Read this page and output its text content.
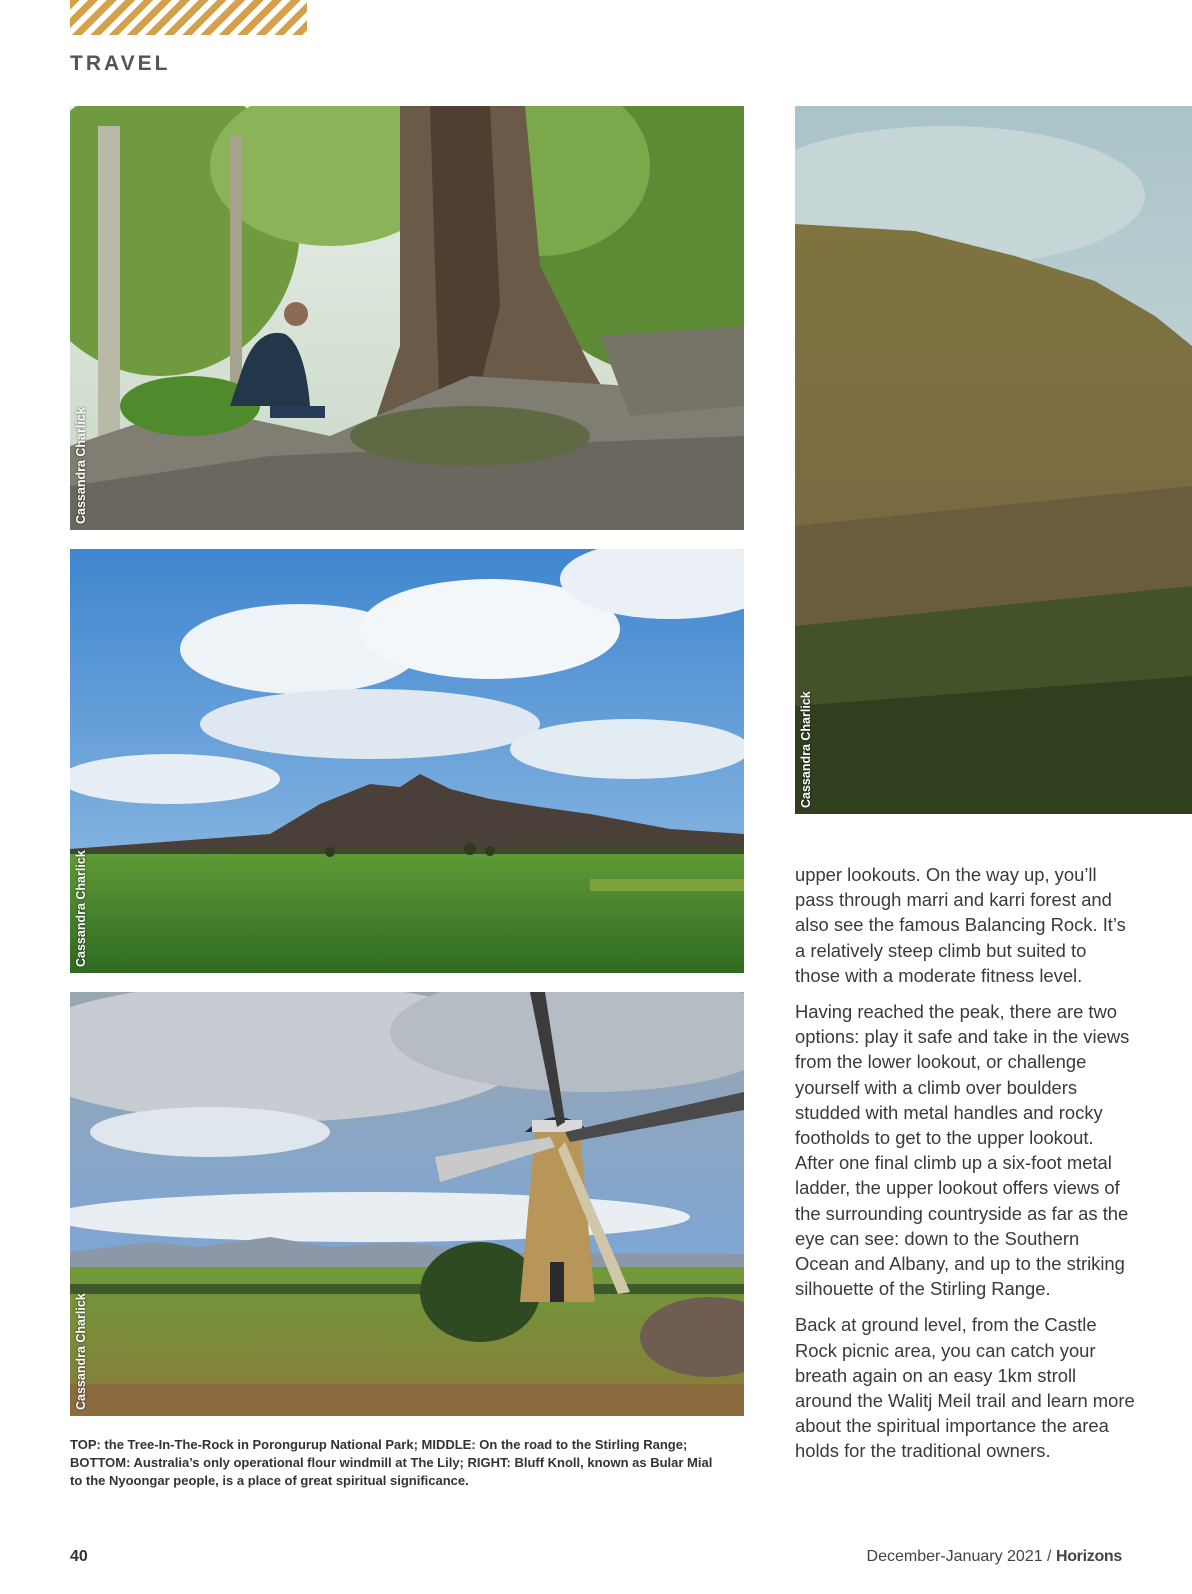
TRAVEL
Cassandra Charlick
Cassandra Charlick
Cassandra Charlick
Cassandra Charlick
TOP: the Tree-In-The-Rock in Porongurup National Park; MIDDLE: On the road to the Stirling Range;
BOTTOM: Australia’s only operational flour windmill at The Lily; RIGHT: Bluff Knoll, known as Bular Mial
to the Nyoongar people, is a place of great spiritual significance.

upper lookouts. On the way up, you’ll pass through marri and karri forest and also see the famous Balancing Rock. It’s a relatively steep climb but suited to those with a moderate fitness level.

Having reached the peak, there are two options: play it safe and take in the views from the lower lookout, or challenge yourself with a climb over boulders studded with metal handles and rocky footholds to get to the upper lookout. After one final climb up a six-foot metal ladder, the upper lookout offers views of the surrounding countryside as far as the eye can see: down to the Southern Ocean and Albany, and up to the striking silhouette of the Stirling Range.

Back at ground level, from the Castle Rock picnic area, you can catch your breath again on an easy 1km stroll around the Walitj Meil trail and learn more about the spiritual importance the area holds for the traditional owners.

40	December-January 2021 / Horizons
